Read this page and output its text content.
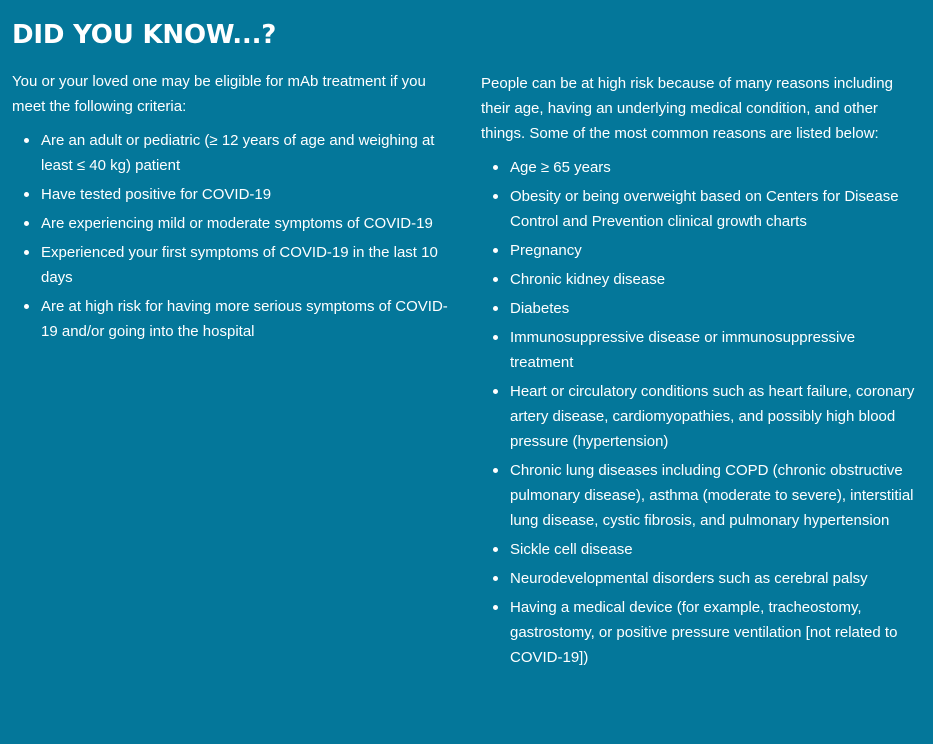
DID YOU KNOW...?

You or your loved one may be eligible for mAb treatment if you meet the following criteria:

Are an adult or pediatric (≥ 12 years of age and weighing at least ≤ 40 kg) patient
Have tested positive for COVID-19
Are experiencing mild or moderate symptoms of COVID-19
Experienced your first symptoms of COVID-19 in the last 10 days
Are at high risk for having more serious symptoms of COVID-19 and/or going into the hospital

People can be at high risk because of many reasons including their age, having an underlying medical condition, and other things. Some of the most common reasons are listed below:

Age ≥ 65 years
Obesity or being overweight based on Centers for Disease Control and Prevention clinical growth charts
Pregnancy
Chronic kidney disease
Diabetes
Immunosuppressive disease or immunosuppressive treatment
Heart or circulatory conditions such as heart failure, coronary artery disease, cardiomyopathies, and possibly high blood pressure (hypertension)
Chronic lung diseases including COPD (chronic obstructive pulmonary disease), asthma (moderate to severe), interstitial lung disease, cystic fibrosis, and pulmonary hypertension
Sickle cell disease
Neurodevelopmental disorders such as cerebral palsy
Having a medical device (for example, tracheostomy, gastrostomy, or positive pressure ventilation [not related to COVID-19])
